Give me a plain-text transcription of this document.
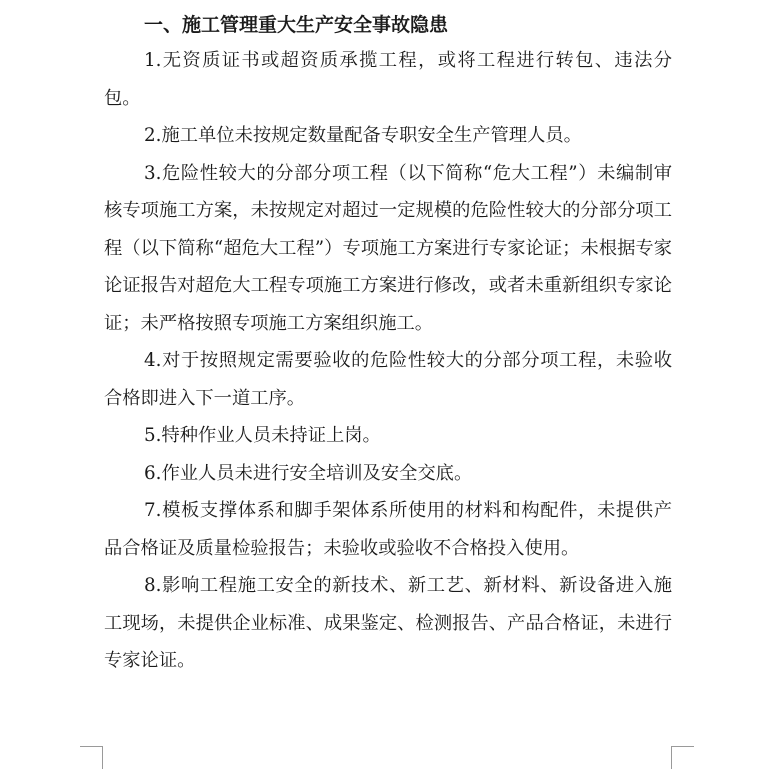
一、施工管理重大生产安全事故隐患

1.无资质证书或超资质承揽工程，或将工程进行转包、违法分包。

2.施工单位未按规定数量配备专职安全生产管理人员。

3.危险性较大的分部分项工程（以下简称“危大工程”）未编制审核专项施工方案，未按规定对超过一定规模的危险性较大的分部分项工程（以下简称“超危大工程”）专项施工方案进行专家论证；未根据专家论证报告对超危大工程专项施工方案进行修改，或者未重新组织专家论证；未严格按照专项施工方案组织施工。

4.对于按照规定需要验收的危险性较大的分部分项工程，未验收合格即进入下一道工序。

5.特种作业人员未持证上岗。

6.作业人员未进行安全培训及安全交底。

7.模板支撑体系和脚手架体系所使用的材料和构配件，未提供产品合格证及质量检验报告；未验收或验收不合格投入使用。

8.影响工程施工安全的新技术、新工艺、新材料、新设备进入施工现场，未提供企业标准、成果鉴定、检测报告、产品合格证，未进行专家论证。
